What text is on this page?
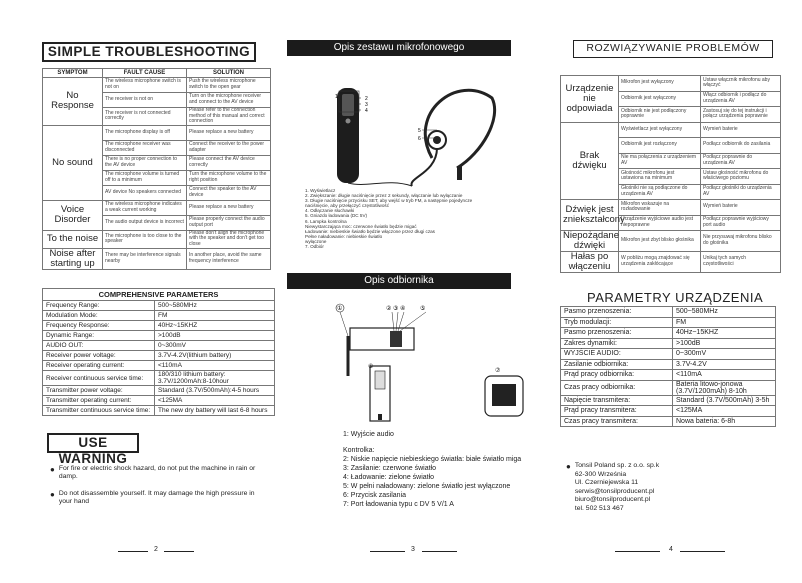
SIMPLE TROUBLESHOOTING
SYMPTOM	FAULT CAUSE	SOLUTION
No Response	The wireless microphone switch is not on	Push the wireless microphone switch to the open gear
	The receiver is not on	Turn on the microphone receiver and connect to the AV device
	The receiver is not connected correctly	Please refer to the connection method of this manual and correct connection
No sound	The microphone display is off	Please replace a new battery
	The microphone receiver was disconnected	Connect the receiver to the power adapter
	There is no proper connection to the AV device	Please connect the AV device correctly
	The microphone volume is turned off to a minimum	Turn the microphone volume to the right position
	AV device No speakers connected	Connect the speaker to the AV device
Voice Disorder	The wireless microphone indicates a weak current working	Please replace a new battery
	The audio output device is incorrect	Please properly connect the audio output port
To the noise	The microphone is too close to the speaker	Please don't align the microphone with the speaker and don't get too close
Noise after starting up	There may be interference signals nearby	In another place, avoid the same frequency interference
COMPREHENSIVE PARAMETERS	
Frequency Range:	500~580MHz
Modulation Mode:	FM
Frequency Response:	40Hz~15KHZ
Dynamic Range:	>100dB
AUDIO OUT:	0~300mV
Receiver power voltage:	3.7V-4.2V(lithium battery)
Receiver operating current:	<110mA
Receiver continuous service time:	180/310 lithium battery: 3.7V/1200mAh:8-10hour
Transmitter power voltage:	Standard (3.7V/500mAh):4-5 hours
Transmitter operating current:	<125MA
Transmitter continuous service time:	The new dry battery will last 6-8 hours
USE WARNING
● For fire or electric shock hazard, do not put the machine in rain or damp.
● Do not disassemble yourself. It may damage the high pressure in your hand
2
Opis zestawu mikrofonowego
1	2
3
4
5
6
1. Wyświetlacz
2. Zwiększanie: długie naciśnięcie przez 2 sekundy, włączanie lub wyłączanie
3. Długie naciśnięcie przycisku SET, aby wejść w tryb FM, a następnie pojedyncze naciśnięcie, aby przełączyć częstotliwość
4. Odłączanie słuchawki
5. Gniazdo ładowania (DC 5V)
6. Lampka kontrolna
Niewystarczająca moc: czerwone światło będzie migać
Ładowanie: niebieskie światło będzie włączone przez długi czas
Pełne naładowanie: niebieskie światło
wyłączone
7. Odbiór
Opis odbiornika
①	② ③ ④ ⑤
⑥
⑦
1: Wyjście audio
Kontrolka:
2: Niskie napięcie niebieskiego światła: białe światło miga
3: Zasilanie: czerwone światło
4: Ładowanie: zielone światło
5: W pełni naładowany: zielone światło jest wyłączone
6: Przycisk zasilania
7: Port ładowania typu c DV 5 V/1 A
3
ROZWIĄZYWANIE PROBLEMÓW
Urządzenie nie odpowiada	Mikrofon jest wyłączony	Ustaw włącznik mikrofonu aby włączyć
	Odbiornik jest wyłączony	Włącz odbiornik i podłącz do urządzenia AV
	Odbiornik nie jest podłączony poprawnie	Zastosuj się do tej instrukcji i połącz urządzenia poprawnie
Brak dźwięku	Wyświetlacz jest wyłączony	Wymień baterie
	Odbiornik jest rozłączony	Podłącz odbiornik do zasilania
	Nie ma połączenia z urządzeniem AV	Podłącz poprawnie do urządzenia AV
	Głośność mikrofonu jest ustawiona na minimum	Ustaw głośność mikrofonu do właściwego poziomu
	Głośniki nie są podłączone do urządzenia AV	Podłącz głośniki do urządzenia AV
Dźwięk jest zniekształcony	Mikrofon wskazuje na rozładowanie	Wymień baterie
	Urządzenie wyjściowe audio jest niepoprawne	Podłącz poprawnie wyjściowy port audio
Niepożądane dźwięki	Mikrofon jest zbyt blisko głośnika	Nie przysuwaj mikrofonu blisko do głośnika
Hałas po włączeniu	W pobliżu mogą znajdować się urządzenia zakłócające	Unikaj tych samych częstotliwości
PARAMETRY URZĄDZENIA
Pasmo przenoszenia:	500~580MHz
Tryb modulacji:	FM
Pasmo przenoszenia:	40Hz~15KHZ
Zakres dynamiki:	>100dB
WYJŚCIE AUDIO:	0~300mV
Zasilanie odbiornika:	3.7V-4.2V
Prąd pracy odbiornika:	<110mA
Czas pracy odbiornika:	Bateria litowo-jonowa (3.7V/1200mAh) 8-10h
Napięcie transmitera:	Standard (3.7V/500mAh) 3-5h
Prąd pracy transmitera:	<125MA
Czas pracy transmitera:	Nowa bateria: 6-8h
● Tonsil Poland sp. z o.o. sp.k
62-300 Września
Ul. Czerniejewska 11
serwis@tonsilproducent.pl
biuro@tonsilproducent.pl
tel. 502 513 467
4
